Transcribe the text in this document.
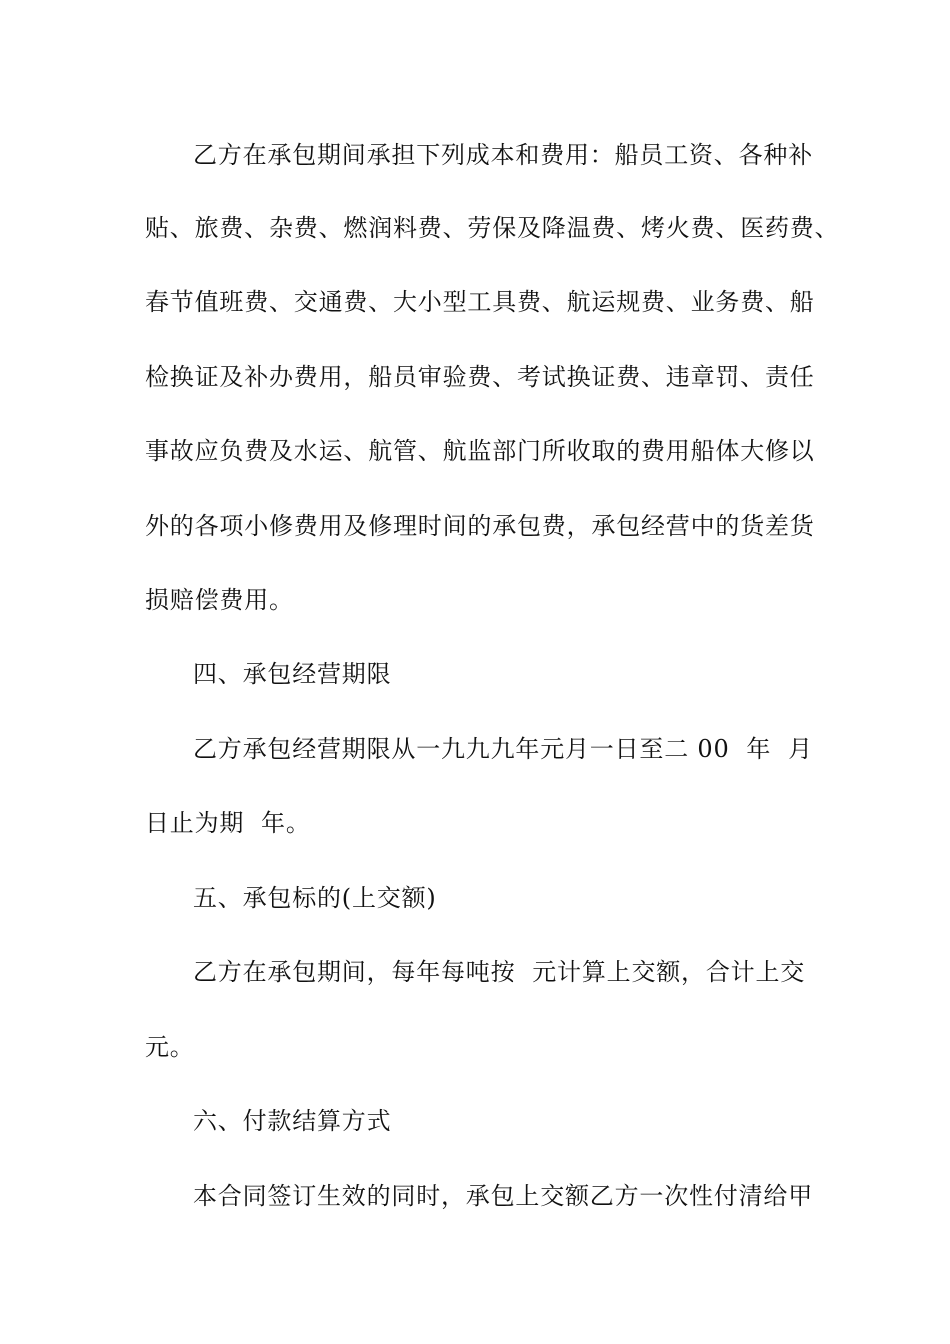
乙方在承包期间承担下列成本和费用：船员工资、各种补
贴、旅费、杂费、燃润料费、劳保及降温费、烤火费、医药费、
春节值班费、交通费、大小型工具费、航运规费、业务费、船
检换证及补办费用，船员审验费、考试换证费、违章罚、责任
事故应负费及水运、航管、航监部门所收取的费用船体大修以
外的各项小修费用及修理时间的承包费，承包经营中的货差货
损赔偿费用。
四、承包经营期限
乙方承包经营期限从一九九九年元月一日至二 00  年  月
日止为期  年。
五、承包标的(上交额)
乙方在承包期间，每年每吨按  元计算上交额，合计上交
元。
六、付款结算方式
本合同签订生效的同时，承包上交额乙方一次性付清给甲
